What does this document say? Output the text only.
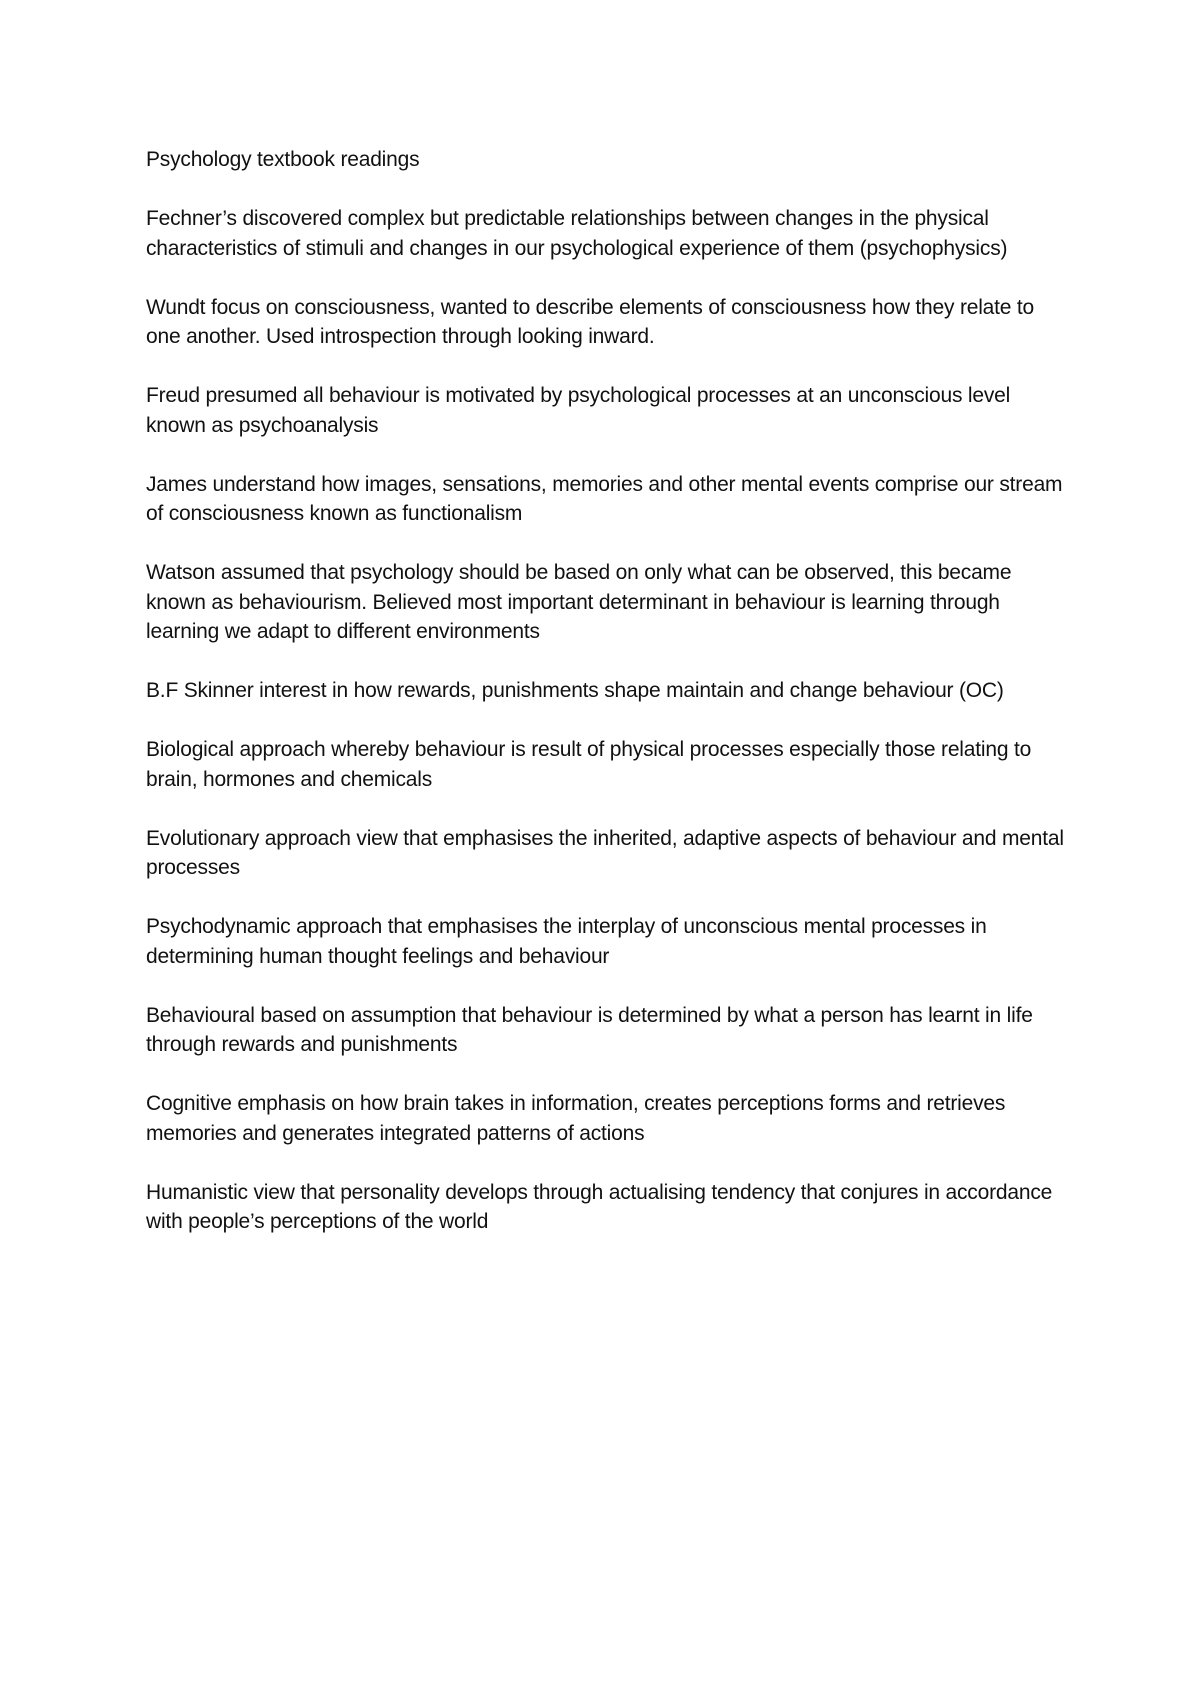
Psychology textbook readings
Fechner’s discovered complex but predictable relationships between changes in the physical characteristics of stimuli and changes in our psychological experience of them (psychophysics)
Wundt focus on consciousness, wanted to describe elements of consciousness how they relate to one another. Used introspection through looking inward.
Freud presumed all behaviour is motivated by psychological processes at an unconscious level known as psychoanalysis
James understand how images, sensations, memories and other mental events comprise our stream of consciousness known as functionalism
Watson assumed that psychology should be based on only what can be observed, this became known as behaviourism. Believed most important determinant in behaviour is learning through learning we adapt to different environments
B.F Skinner interest in how rewards, punishments shape maintain and change behaviour (OC)
Biological approach whereby behaviour is result of physical processes especially those relating to brain, hormones and chemicals
Evolutionary approach view that emphasises the inherited, adaptive aspects of behaviour and mental processes
Psychodynamic approach that emphasises the interplay of unconscious mental processes in determining human thought feelings and behaviour
Behavioural based on assumption that behaviour is determined by what a person has learnt in life through rewards and punishments
Cognitive emphasis on how brain takes in information, creates perceptions forms and retrieves memories and generates integrated patterns of actions
Humanistic view that personality develops through actualising tendency that conjures in accordance with people’s perceptions of the world
